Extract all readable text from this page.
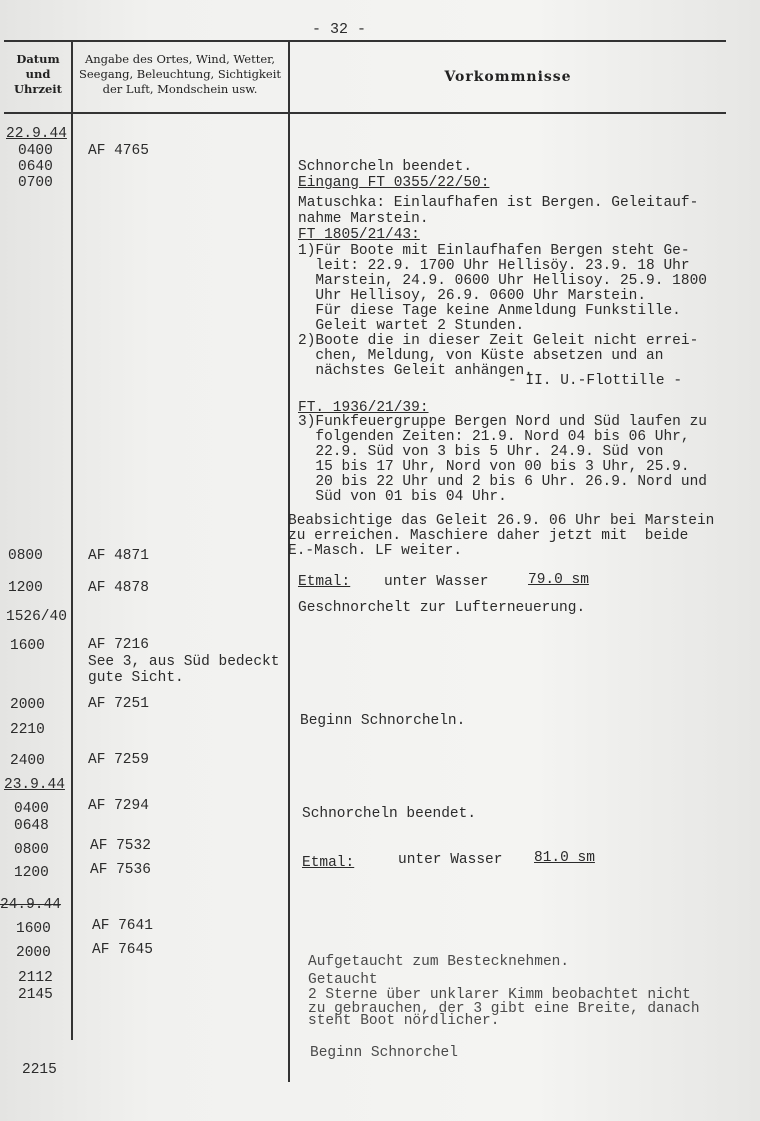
- 32 -
Datum
und
Uhrzeit
Angabe des Ortes, Wind, Wetter,
Seegang, Beleuchtung, Sichtigkeit
der Luft, Mondschein usw.
Vorkommnisse
22.9.44
0400
0640
0700
0800
1200
1526/40
1600
2000
2210
2400
23.9.44
0400
0648
0800
1200
24.9.44
1600
2000
2112
2145
2215
AF 4765
AF 4871
AF 4878
AF 7216
See 3, aus Süd bedeckt
gute Sicht.
AF 7251
AF 7259
AF 7294
AF 7532
AF 7536
AF 7641
AF 7645
Schnorcheln beendet.
Eingang FT 0355/22/50:
Matuschka: Einlaufhafen ist Bergen. Geleitauf-
nahme Marstein.
FT 1805/21/43:
1)Für Boote mit Einlaufhafen Bergen steht Ge-
leit: 22.9. 1700 Uhr Hellisöy. 23.9. 18 Uhr
Marstein, 24.9. 0600 Uhr Hellisoy. 25.9. 1800
Uhr Hellisoy, 26.9. 0600 Uhr Marstein.
Für diese Tage keine Anmeldung Funkstille.
Geleit wartet 2 Stunden.
2)Boote die in dieser Zeit Geleit nicht errei-
chen, Meldung, von Küste absetzen und an
nächstes Geleit anhängen.
- II. U.-Flottille -
FT. 1936/21/39:
3)Funkfeuergruppe Bergen Nord und Süd laufen zu
folgenden Zeiten: 21.9. Nord 04 bis 06 Uhr,
22.9. Süd von 3 bis 5 Uhr. 24.9. Süd von
15 bis 17 Uhr, Nord von 00 bis 3 Uhr, 25.9.
20 bis 22 Uhr und 2 bis 6 Uhr. 26.9. Nord und
Süd von 01 bis 04 Uhr.
Beabsichtige das Geleit 26.9. 06 Uhr bei Marstein
zu erreichen. Maschiere daher jetzt mit  beide
E.-Masch. LF weiter.
Etmal: unter Wasser	79.0 sm
Geschnorchelt zur Lufterneuerung.
Beginn Schnorcheln.
Schnorcheln beendet.
Etmal:	unter Wasser 81.0 sm
Aufgetaucht zum Bestecknehmen.
Getaucht
2 Sterne über unklarer Kimm beobachtet nicht
zu gebrauchen, der 3 gibt eine Breite, danach
steht Boot nördlicher.
Beginn Schnorchel
